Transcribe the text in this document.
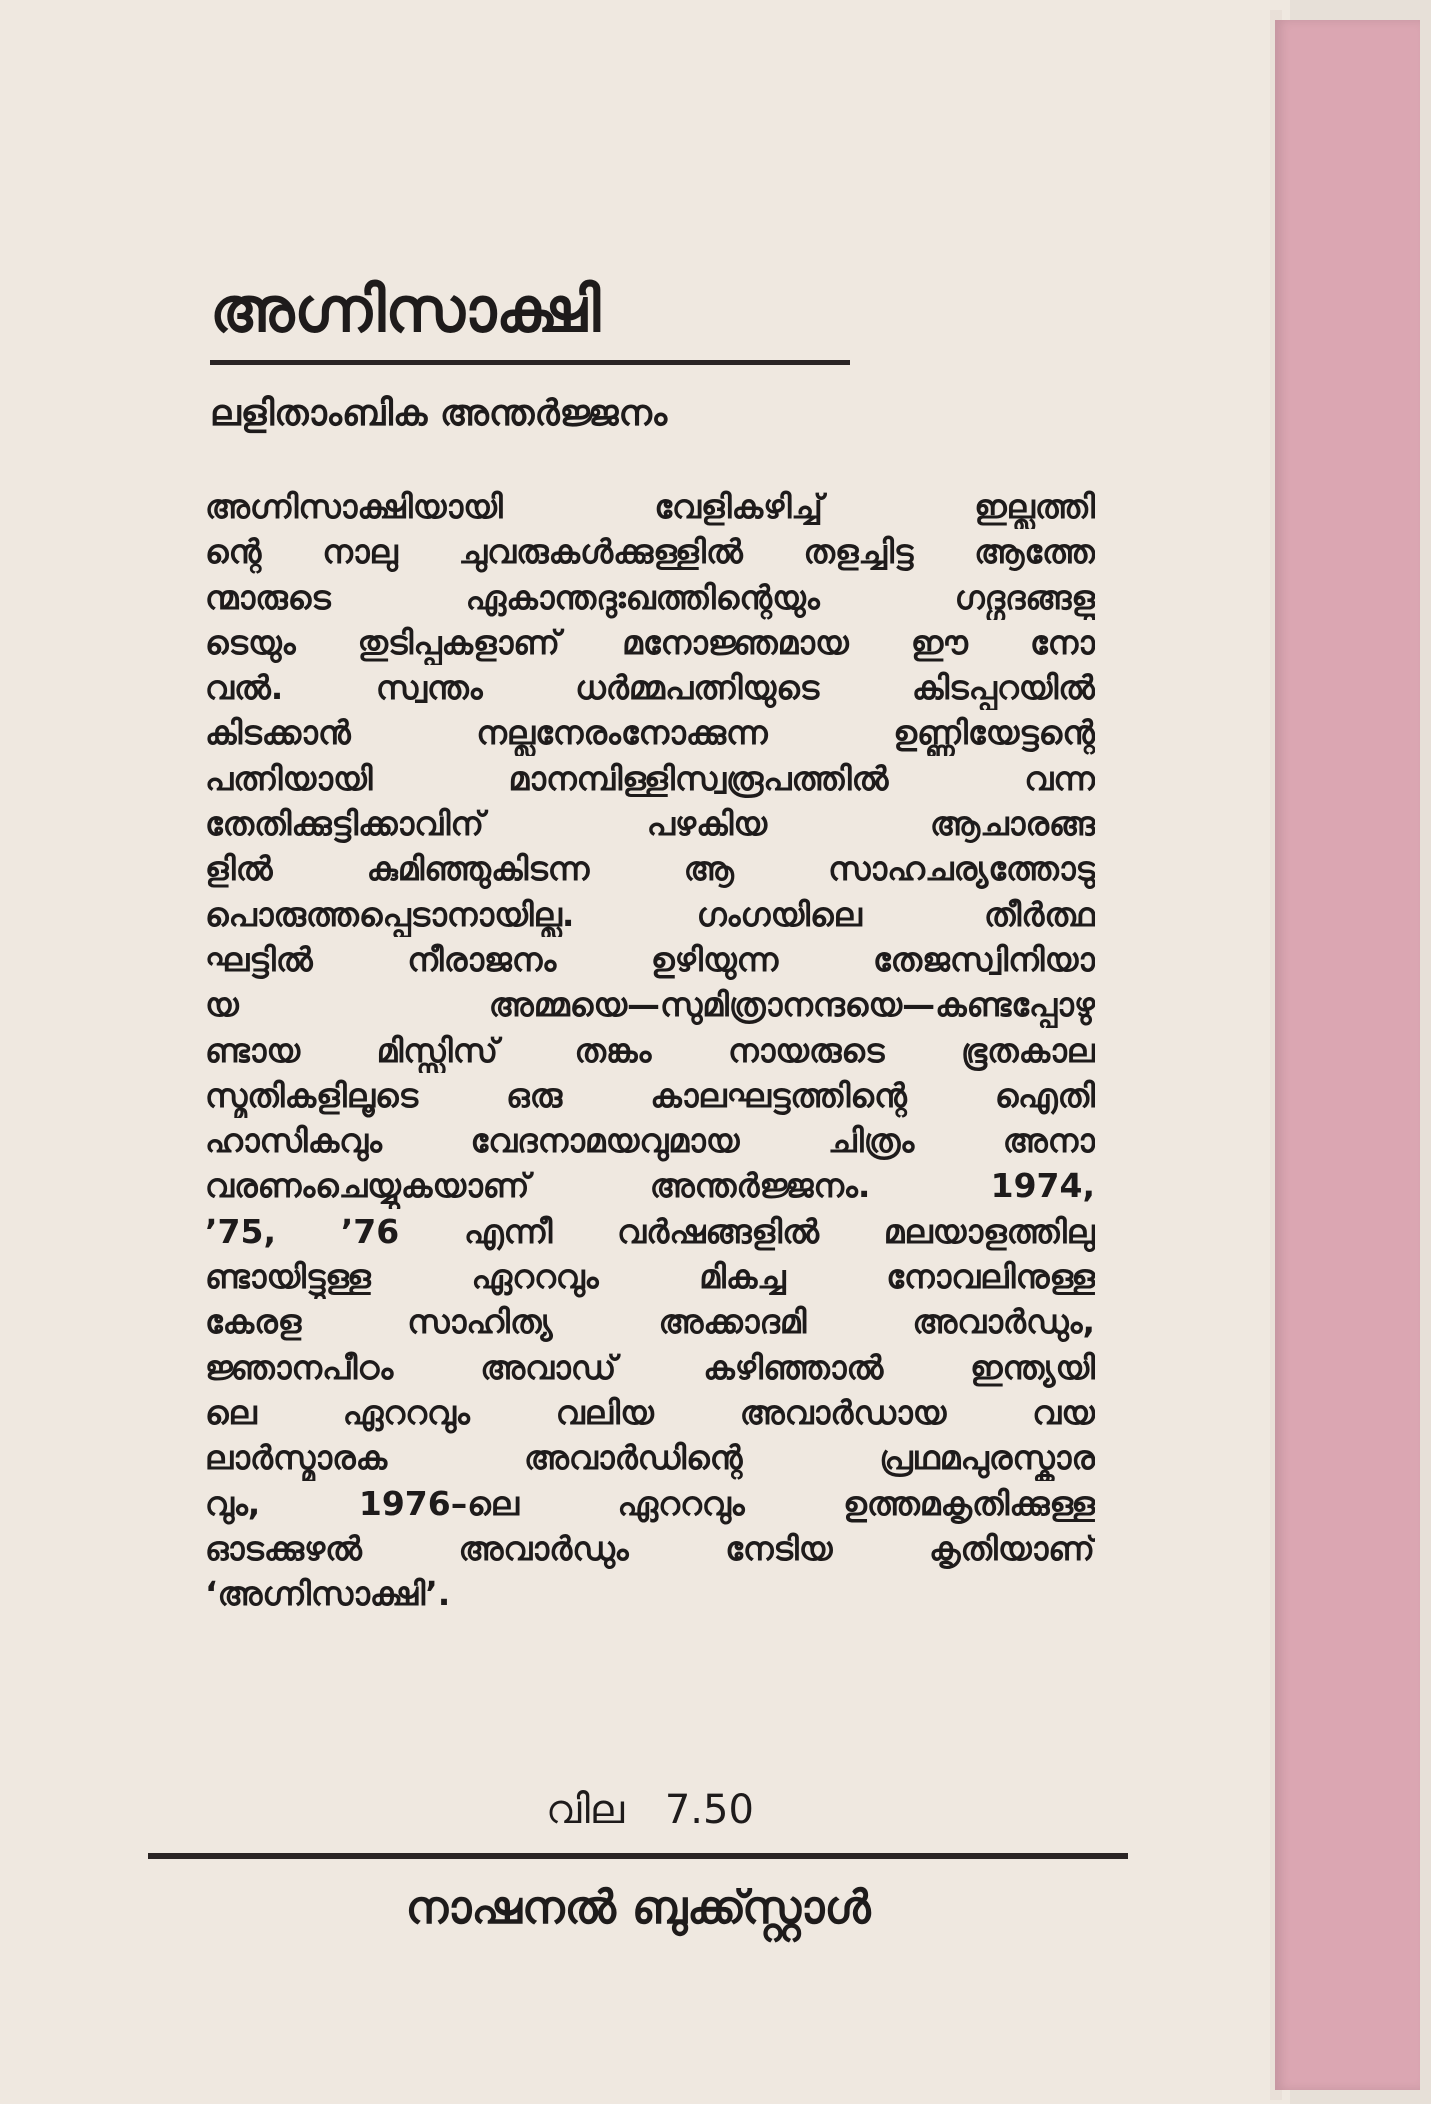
അഗ്നിസാക്ഷി
ലളിതാംബിക അന്തർജ്ജനം
അഗ്നിസാക്ഷിയായി വേളികഴിച്ച് ഇല്ലത്തി
ന്റെ നാലു ചുവരുകൾക്കുള്ളിൽ തളച്ചിട്ട ആത്തേ
ന്മാരുടെ ഏകാന്തദുഃഖത്തിന്റെയും ഗദ്ഗദങ്ങളു
ടെയും തുടിപ്പുകളാണ് മനോജ്ഞമായ ഈ നോ
വൽ. സ്വന്തം ധർമ്മപത്നിയുടെ കിടപ്പറയിൽ
കിടക്കാൻ നല്ലനേരംനോക്കുന്ന ഉണ്ണിയേട്ടന്റെ
പത്നിയായി മാനമ്പിള്ളിസ്വരൂപത്തിൽ വന്ന
തേതിക്കുട്ടിക്കാവിന് പഴകിയ ആചാരങ്ങ
ളിൽ കുമിഞ്ഞുകിടന്ന ആ സാഹചര്യത്തോടു
പൊരുത്തപ്പെടാനായില്ല. ഗംഗയിലെ തീർത്ഥ
ഘട്ടിൽ നീരാജനം ഉഴിയുന്ന തേജസ്വിനിയാ
യ അമ്മയെ—സുമിത്രാനന്ദയെ—കണ്ടപ്പോഴു
ണ്ടായ മിസ്സിസ് തങ്കം നായരുടെ ഭൂതകാല
സ്മൃതികളിലൂടെ ഒരു കാലഘട്ടത്തിന്റെ ഐതി
ഹാസികവും വേദനാമയവുമായ ചിത്രം അനാ
വരണംചെയ്യുകയാണ് അന്തർജ്ജനം. 1974,
’75, ’76 എന്നീ വർഷങ്ങളിൽ മലയാളത്തിലു
ണ്ടായിട്ടുള്ള ഏററവും മികച്ച നോവലിനുള്ള
കേരള സാഹിത്യ അക്കാദമി അവാർഡും,
ജ്ഞാനപീഠം അവാഡ് കഴിഞ്ഞാൽ ഇന്ത്യയി
ലെ ഏററവും വലിയ അവാർഡായ വയ
ലാർസ്മാരക അവാർഡിന്റെ പ്രഥമപുരസ്കാര
വും, 1976–ലെ ഏററവും ഉത്തമകൃതിക്കുള്ള
ഓടക്കുഴൽ അവാർഡും നേടിയ കൃതിയാണ്
‘അഗ്നിസാക്ഷി’.
വില 7.50
നാഷനൽ ബുക്ക്സ്റ്റാൾ
